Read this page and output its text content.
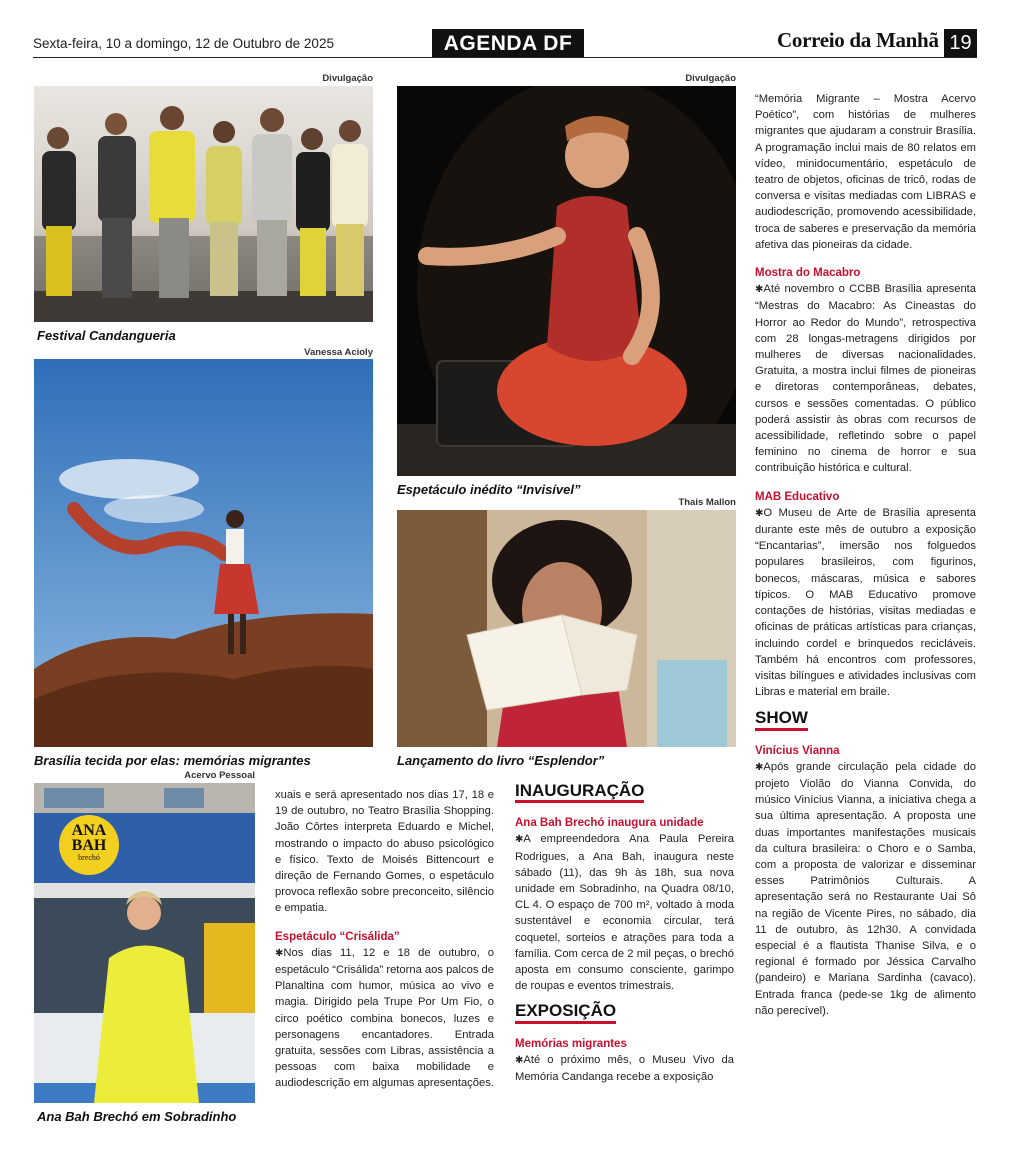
Sexta-feira, 10 a domingo, 12 de Outubro de 2025	AGENDA DF	Correio da Manhã 19
Divulgação
Festival Candangueria
Divulgação
Espetáculo inédito “Invisível”
Vanessa Acioly
Brasília tecida por elas: memórias migrantes
Thais Mallon
Lançamento do livro “Esplendor”
Acervo Pessoal
ANA
BAH
brechó
Ana Bah Brechó em Sobradinho

xuais e será apresentado nos dias 17, 18 e 19 de outubro, no Teatro Brasília Shopping. João Côrtes interpreta Eduardo e Michel, mostrando o impacto do abuso psicológico e físico. Texto de Moisés Bittencourt e direção de Fernando Gomes, o espetáculo provoca reflexão sobre preconceito, silêncio e empatia.

Espetáculo “Crisálida”

✱Nos dias 11, 12 e 18 de outubro, o espetáculo “Crisálida” retorna aos palcos de Planaltina com humor, música ao vivo e magia. Dirigido pela Trupe Por Um Fio, o circo poético combina bonecos, luzes e personagens encantadores. Entrada gratuita, sessões com Libras, assistência a pessoas com baixa mobilidade e audiodescrição em algumas apresentações.

INAUGURAÇÃO

Ana Bah Brechó inaugura unidade

✱A empreendedora Ana Paula Pereira Rodrigues, a Ana Bah, inaugura neste sábado (11), das 9h às 18h, sua nova unidade em Sobradinho, na Quadra 08/10, CL 4. O espaço de 700 m², voltado à moda sustentável e economia circular, terá coquetel, sorteios e atrações para toda a família. Com cerca de 2 mil peças, o brechó aposta em consumo consciente, garimpo de roupas e eventos trimestrais.

EXPOSIÇÃO

Memórias migrantes

✱Até o próximo mês, o Museu Vivo da Memória Candanga recebe a exposição

“Memória Migrante – Mostra Acervo Poético”, com histórias de mulheres migrantes que ajudaram a construir Brasília. A programação inclui mais de 80 relatos em vídeo, minidocumentário, espetáculo de teatro de objetos, oficinas de tricô, rodas de conversa e visitas mediadas com LIBRAS e audiodescrição, promovendo acessibilidade, troca de saberes e preservação da memória afetiva das pioneiras da cidade.

Mostra do Macabro

✱Até novembro o CCBB Brasília apresenta “Mestras do Macabro: As Cineastas do Horror ao Redor do Mundo”, retrospectiva com 28 longas-metragens dirigidos por mulheres de diversas nacionalidades. Gratuita, a mostra inclui filmes de pioneiras e diretoras contemporâneas, debates, cursos e sessões comentadas. O público poderá assistir às obras com recursos de acessibilidade, refletindo sobre o papel feminino no cinema de horror e sua contribuição histórica e cultural.

MAB Educativo

✱O Museu de Arte de Brasília apresenta durante este mês de outubro a exposição “Encantarias”, imersão nos folguedos populares brasileiros, com figurinos, bonecos, máscaras, música e sabores típicos. O MAB Educativo promove contações de histórias, visitas mediadas e oficinas de práticas artísticas para crianças, incluindo cordel e brinquedos recicláveis. Também há encontros com professores, visitas bilíngues e atividades inclusivas com Libras e material em braile.

SHOW

Vinícius Vianna

✱Após grande circulação pela cidade do projeto Violão do Vianna Convida, do músico Vinícius Vianna, a iniciativa chega a sua última apresentação. A proposta une duas importantes manifestações musicais da cultura brasileira: o Choro e o Samba, com a proposta de valorizar e disseminar esses Patrimônios Culturais. A apresentação será no Restaurante Uai Sô na região de Vicente Pires, no sábado, dia 11 de outubro, às 12h30. A convidada especial é a flautista Thanise Silva, e o regional é formado por Jéssica Carvalho (pandeiro) e Mariana Sardinha (cavaco). Entrada franca (pede-se 1kg de alimento não perecível).
